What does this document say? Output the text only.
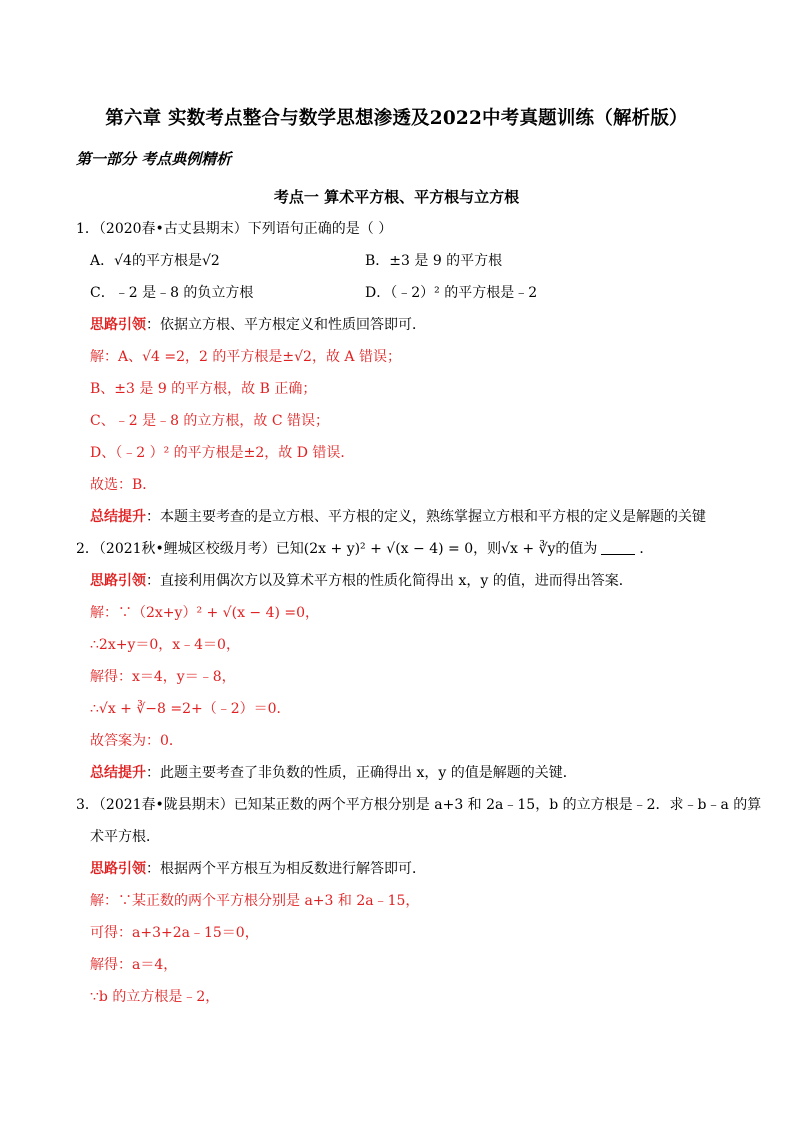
第六章 实数考点整合与数学思想渗透及2022中考真题训练（解析版）
第一部分 考点典例精析
考点一 算术平方根、平方根与立方根
1．（2020春•古丈县期末）下列语句正确的是（ ）
A．√4的平方根是√2	B．±3 是 9 的平方根
C．﹣2 是﹣8 的负立方根	D．（﹣2）² 的平方根是﹣2
思路引领：依据立方根、平方根定义和性质回答即可．
解：A、√4 =2，2 的平方根是±√2，故 A 错误；
B、±3 是 9 的平方根，故 B 正确；
C、﹣2 是﹣8 的立方根，故 C 错误；
D、（﹣2 ）² 的平方根是±2，故 D 错误．
故选：B．
总结提升：本题主要考查的是立方根、平方根的定义，熟练掌握立方根和平方根的定义是解题的关键
2．（2021秋•鲤城区校级月考）已知(2x + y)² + √(x − 4) = 0，则√x + ∛y的值为	．
思路引领：直接利用偶次方以及算术平方根的性质化简得出 x，y 的值，进而得出答案．
解：∵（2x+y）² + √(x − 4) =0，
∴2x+y＝0，x﹣4＝0，
解得：x＝4，y＝﹣8，
∴√x + ∛−8 =2+（﹣2）＝0．
故答案为：0．
总结提升：此题主要考查了非负数的性质，正确得出 x，y 的值是解题的关键．
3．（2021春•陇县期末）已知某正数的两个平方根分别是 a+3 和 2a﹣15，b 的立方根是﹣2．求﹣b﹣a 的算
术平方根．
思路引领：根据两个平方根互为相反数进行解答即可．
解：∵某正数的两个平方根分别是 a+3 和 2a﹣15，
可得：a+3+2a﹣15＝0，
解得：a＝4，
∵b 的立方根是﹣2，
